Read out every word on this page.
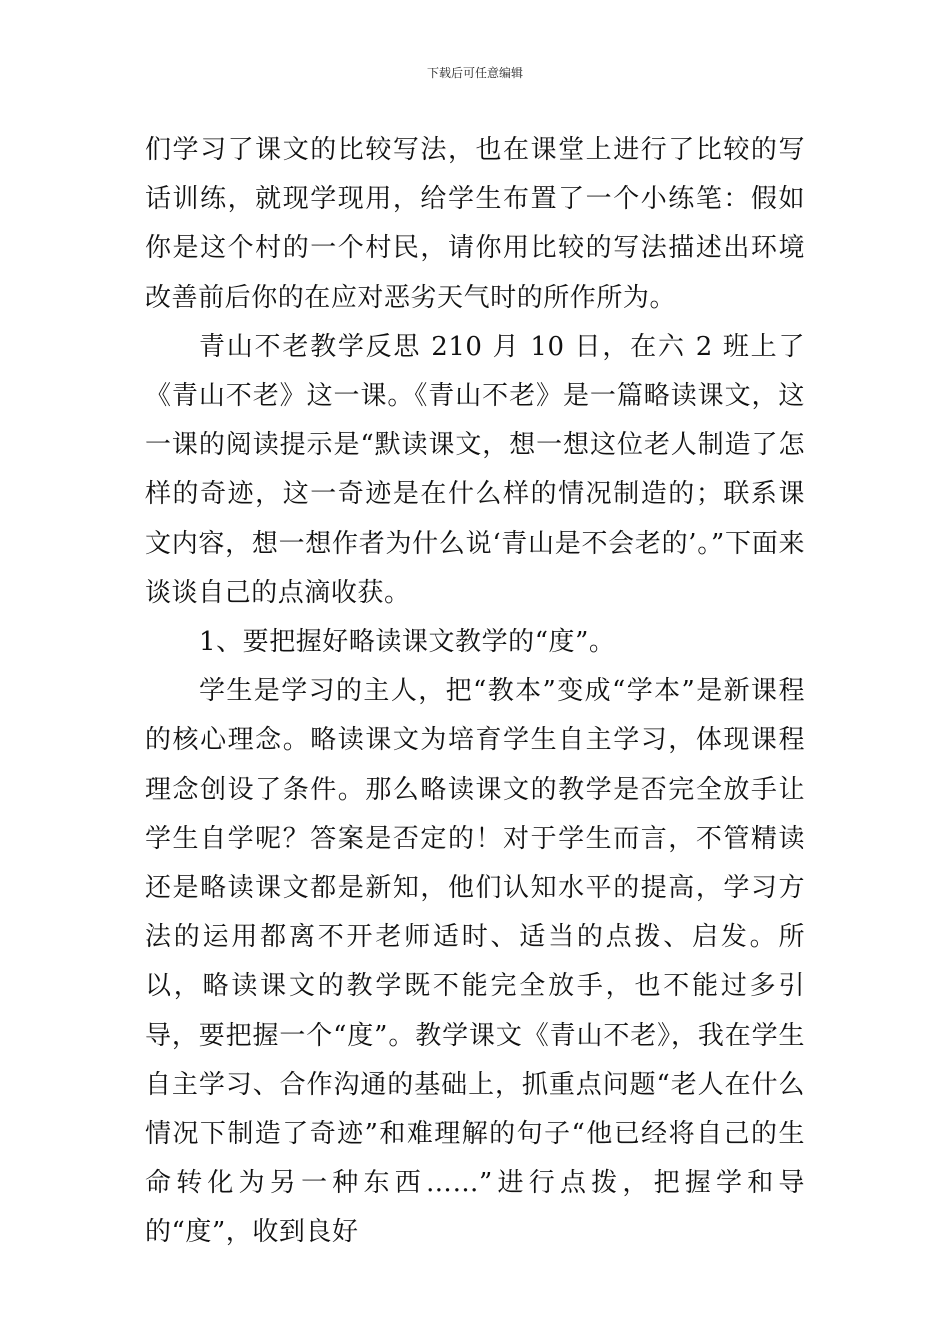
下载后可任意编辑

们学习了课文的比较写法，也在课堂上进行了比较的写话训练，就现学现用，给学生布置了一个小练笔：假如你是这个村的一个村民，请你用比较的写法描述出环境改善前后你的在应对恶劣天气时的所作所为。

青山不老教学反思 210 月 10 日，在六 2 班上了《青山不老》这一课。《青山不老》是一篇略读课文，这一课的阅读提示是“默读课文，想一想这位老人制造了怎样的奇迹，这一奇迹是在什么样的情况制造的；联系课文内容，想一想作者为什么说‘青山是不会老的’。”下面来谈谈自己的点滴收获。

1、要把握好略读课文教学的“度”。

学生是学习的主人，把“教本”变成“学本”是新课程的核心理念。略读课文为培育学生自主学习，体现课程理念创设了条件。那么略读课文的教学是否完全放手让学生自学呢？答案是否定的！对于学生而言，不管精读还是略读课文都是新知，他们认知水平的提高，学习方法的运用都离不开老师适时、适当的点拨、启发。所以，略读课文的教学既不能完全放手，也不能过多引导，要把握一个“度”。教学课文《青山不老》，我在学生自主学习、合作沟通的基础上，抓重点问题“老人在什么情况下制造了奇迹”和难理解的句子“他已经将自己的生命转化为另一种东西……”进行点拨，把握学和导的“度”，收到良好
